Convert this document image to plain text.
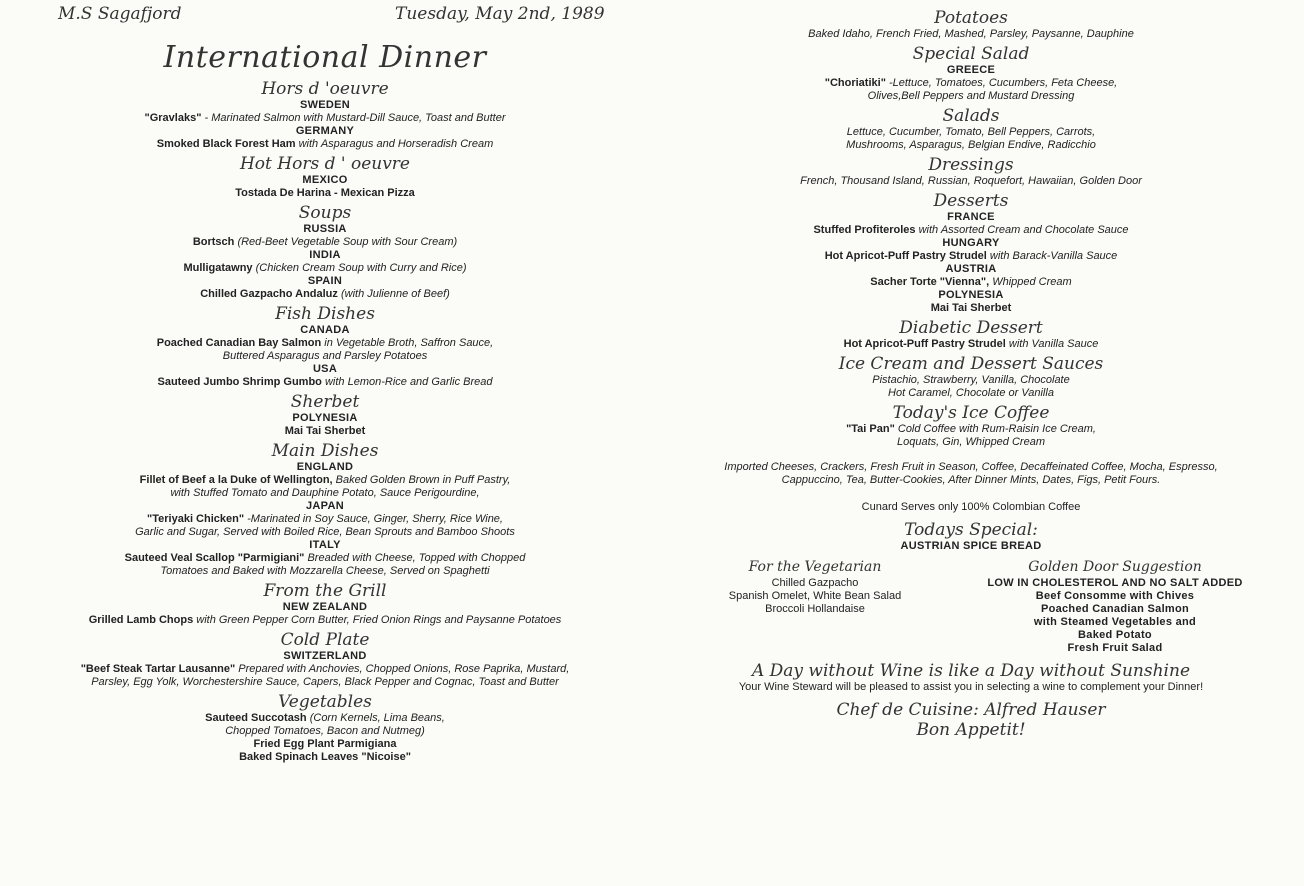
M.S Sagafjord	Tuesday, May 2nd, 1989
International Dinner
Hors d 'oeuvre
SWEDEN
"Gravlaks" - Marinated Salmon with Mustard-Dill Sauce, Toast and Butter
GERMANY
Smoked Black Forest Ham with Asparagus and Horseradish Cream
Hot Hors d ' oeuvre
MEXICO
Tostada De Harina - Mexican Pizza
Soups
RUSSIA
Bortsch (Red-Beet Vegetable Soup with Sour Cream)
INDIA
Mulligatawny (Chicken Cream Soup with Curry and Rice)
SPAIN
Chilled Gazpacho Andaluz (with Julienne of Beef)
Fish Dishes
CANADA
Poached Canadian Bay Salmon in Vegetable Broth, Saffron Sauce,
Buttered Asparagus and Parsley Potatoes
USA
Sauteed Jumbo Shrimp Gumbo with Lemon-Rice and Garlic Bread
Sherbet
POLYNESIA
Mai Tai Sherbet
Main Dishes
ENGLAND
Fillet of Beef a la Duke of Wellington, Baked Golden Brown in Puff Pastry,
with Stuffed Tomato and Dauphine Potato, Sauce Perigourdine,
JAPAN
"Teriyaki Chicken" -Marinated in Soy Sauce, Ginger, Sherry, Rice Wine,
Garlic and Sugar, Served with Boiled Rice, Bean Sprouts and Bamboo Shoots
ITALY
Sauteed Veal Scallop "Parmigiani" Breaded with Cheese, Topped with Chopped
Tomatoes and Baked with Mozzarella Cheese, Served on Spaghetti
From the Grill
NEW ZEALAND
Grilled Lamb Chops with Green Pepper Corn Butter, Fried Onion Rings and Paysanne Potatoes
Cold Plate
SWITZERLAND
"Beef Steak Tartar Lausanne" Prepared with Anchovies, Chopped Onions, Rose Paprika, Mustard,
Parsley, Egg Yolk, Worchestershire Sauce, Capers, Black Pepper and Cognac, Toast and Butter
Vegetables
Sauteed Succotash (Corn Kernels, Lima Beans,
Chopped Tomatoes, Bacon and Nutmeg)
Fried Egg Plant Parmigiana
Baked Spinach Leaves "Nicoise"
Potatoes
Baked Idaho, French Fried, Mashed, Parsley, Paysanne, Dauphine
Special Salad
GREECE
"Choriatiki" -Lettuce, Tomatoes, Cucumbers, Feta Cheese,
Olives,Bell Peppers and Mustard Dressing
Salads
Lettuce, Cucumber, Tomato, Bell Peppers, Carrots,
Mushrooms, Asparagus, Belgian Endive, Radicchio
Dressings
French, Thousand Island, Russian, Roquefort, Hawaiian, Golden Door
Desserts
FRANCE
Stuffed Profiteroles with Assorted Cream and Chocolate Sauce
HUNGARY
Hot Apricot-Puff Pastry Strudel with Barack-Vanilla Sauce
AUSTRIA
Sacher Torte "Vienna", Whipped Cream
POLYNESIA
Mai Tai Sherbet
Diabetic Dessert
Hot Apricot-Puff Pastry Strudel with Vanilla Sauce
Ice Cream and Dessert Sauces
Pistachio, Strawberry, Vanilla, Chocolate
Hot Caramel, Chocolate or Vanilla
Today's Ice Coffee
"Tai Pan" Cold Coffee with Rum-Raisin Ice Cream,
Loquats, Gin, Whipped Cream
Imported Cheeses, Crackers, Fresh Fruit in Season, Coffee, Decaffeinated Coffee, Mocha, Espresso,
Cappuccino, Tea, Butter-Cookies, After Dinner Mints, Dates, Figs, Petit Fours.
Cunard Serves only 100% Colombian Coffee
Todays Special:
AUSTRIAN SPICE BREAD
For the Vegetarian
Chilled Gazpacho
Spanish Omelet, White Bean Salad
Broccoli Hollandaise
Golden Door Suggestion
LOW IN CHOLESTEROL AND NO SALT ADDED
Beef Consomme with Chives
Poached Canadian Salmon
with Steamed Vegetables and
Baked Potato
Fresh Fruit Salad
A Day without Wine is like a Day without Sunshine
Your Wine Steward will be pleased to assist you in selecting a wine to complement your Dinner!
Chef de Cuisine: Alfred Hauser
Bon Appetit!
